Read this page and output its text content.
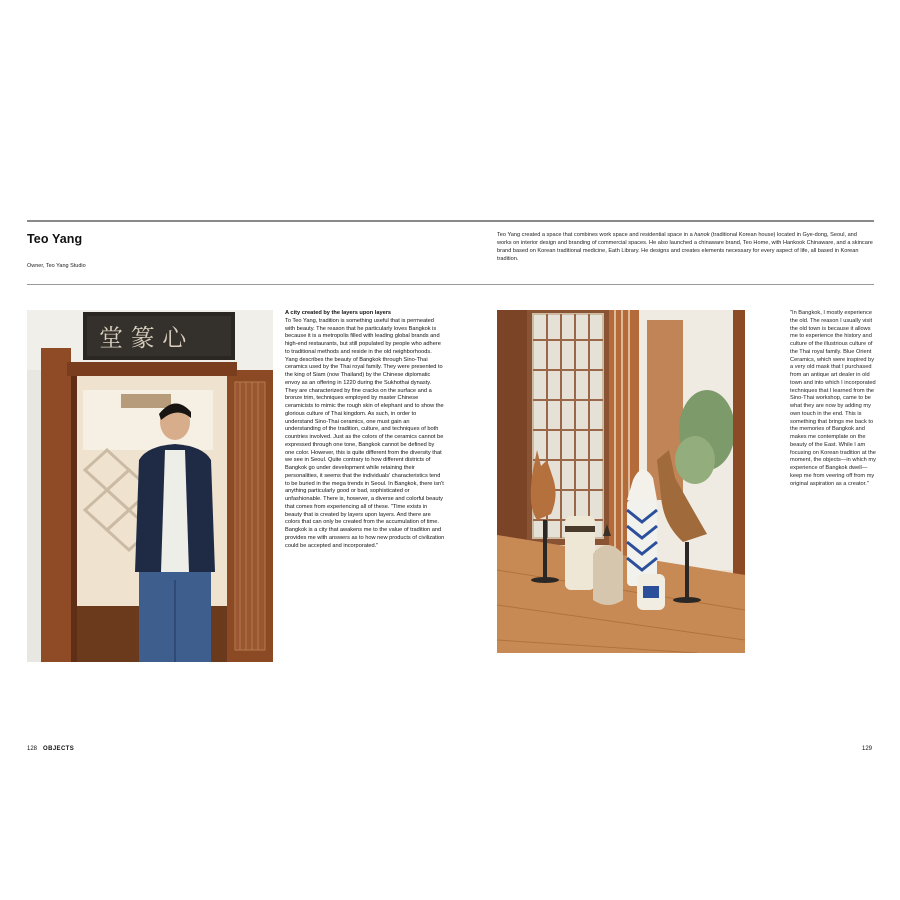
Teo Yang
Owner, Teo Yang Studio
Teo Yang created a space that combines work space and residential space in a hanok (traditional Korean house) located in Gye-dong, Seoul, and works on interior design and branding of commercial spaces. He also launched a chinaware brand, Teo Home, with Hankook Chinaware, and a skincare brand based on Korean traditional medicine, Eath Library. He designs and creates elements necessary for every aspect of life, all based in Korean tradition.
堂 篆 心
A city created by the layers upon layers
To Teo Yang, tradition is something useful that is permeated with beauty. The reason that he particularly loves Bangkok is because it is a metropolis filled with leading global brands and high-end restaurants, but still populated by people who adhere to traditional methods and reside in the old neighborhoods. Yang describes the beauty of Bangkok through Sino-Thai ceramics used by the Thai royal family. They were presented to the king of Siam (now Thailand) by the Chinese diplomatic envoy as an offering in 1220 during the Sukhothai dynasty. They are characterized by fine cracks on the surface and a bronze trim, techniques employed by master Chinese ceramicists to mimic the rough skin of elephant and to show the glorious culture of Thai kingdom. As such, in order to understand Sino-Thai ceramics, one must gain an understanding of the tradition, culture, and techniques of both countries involved. Just as the colors of the ceramics cannot be expressed through one tone, Bangkok cannot be defined by one color. However, this is quite different from the diversity that we see in Seoul. Quite contrary to how different districts of Bangkok go under development while retaining their personalities, it seems that the individuals' characteristics tend to be buried in the mega trends in Seoul. In Bangkok, there isn't anything particularly good or bad, sophisticated or unfashionable. There is, however, a diverse and colorful beauty that comes from experiencing all of these. "Time exists in beauty that is created by layers upon layers. And there are colors that can only be created from the accumulation of time. Bangkok is a city that awakens me to the value of tradition and provides me with answers as to how new products of civilization could be accepted and incorporated."
"In Bangkok, I mostly experience the old. The reason I usually visit the old town is because it allows me to experience the history and culture of the illustrious culture of the Thai royal family. Blue Orient Ceramics, which were inspired by a very old mask that I purchased from an antique art dealer in old town and into which I incorporated techniques that I learned from the Sino-Thai workshop, came to be what they are now by adding my own touch in the end. This is something that brings me back to the memories of Bangkok and makes me contemplate on the beauty of the East. While I am focusing on Korean tradition at the moment, the objects—in which my experience of Bangkok dwell—keep me from veering off from my original aspiration as a creator."
128 OBJECTS	129
